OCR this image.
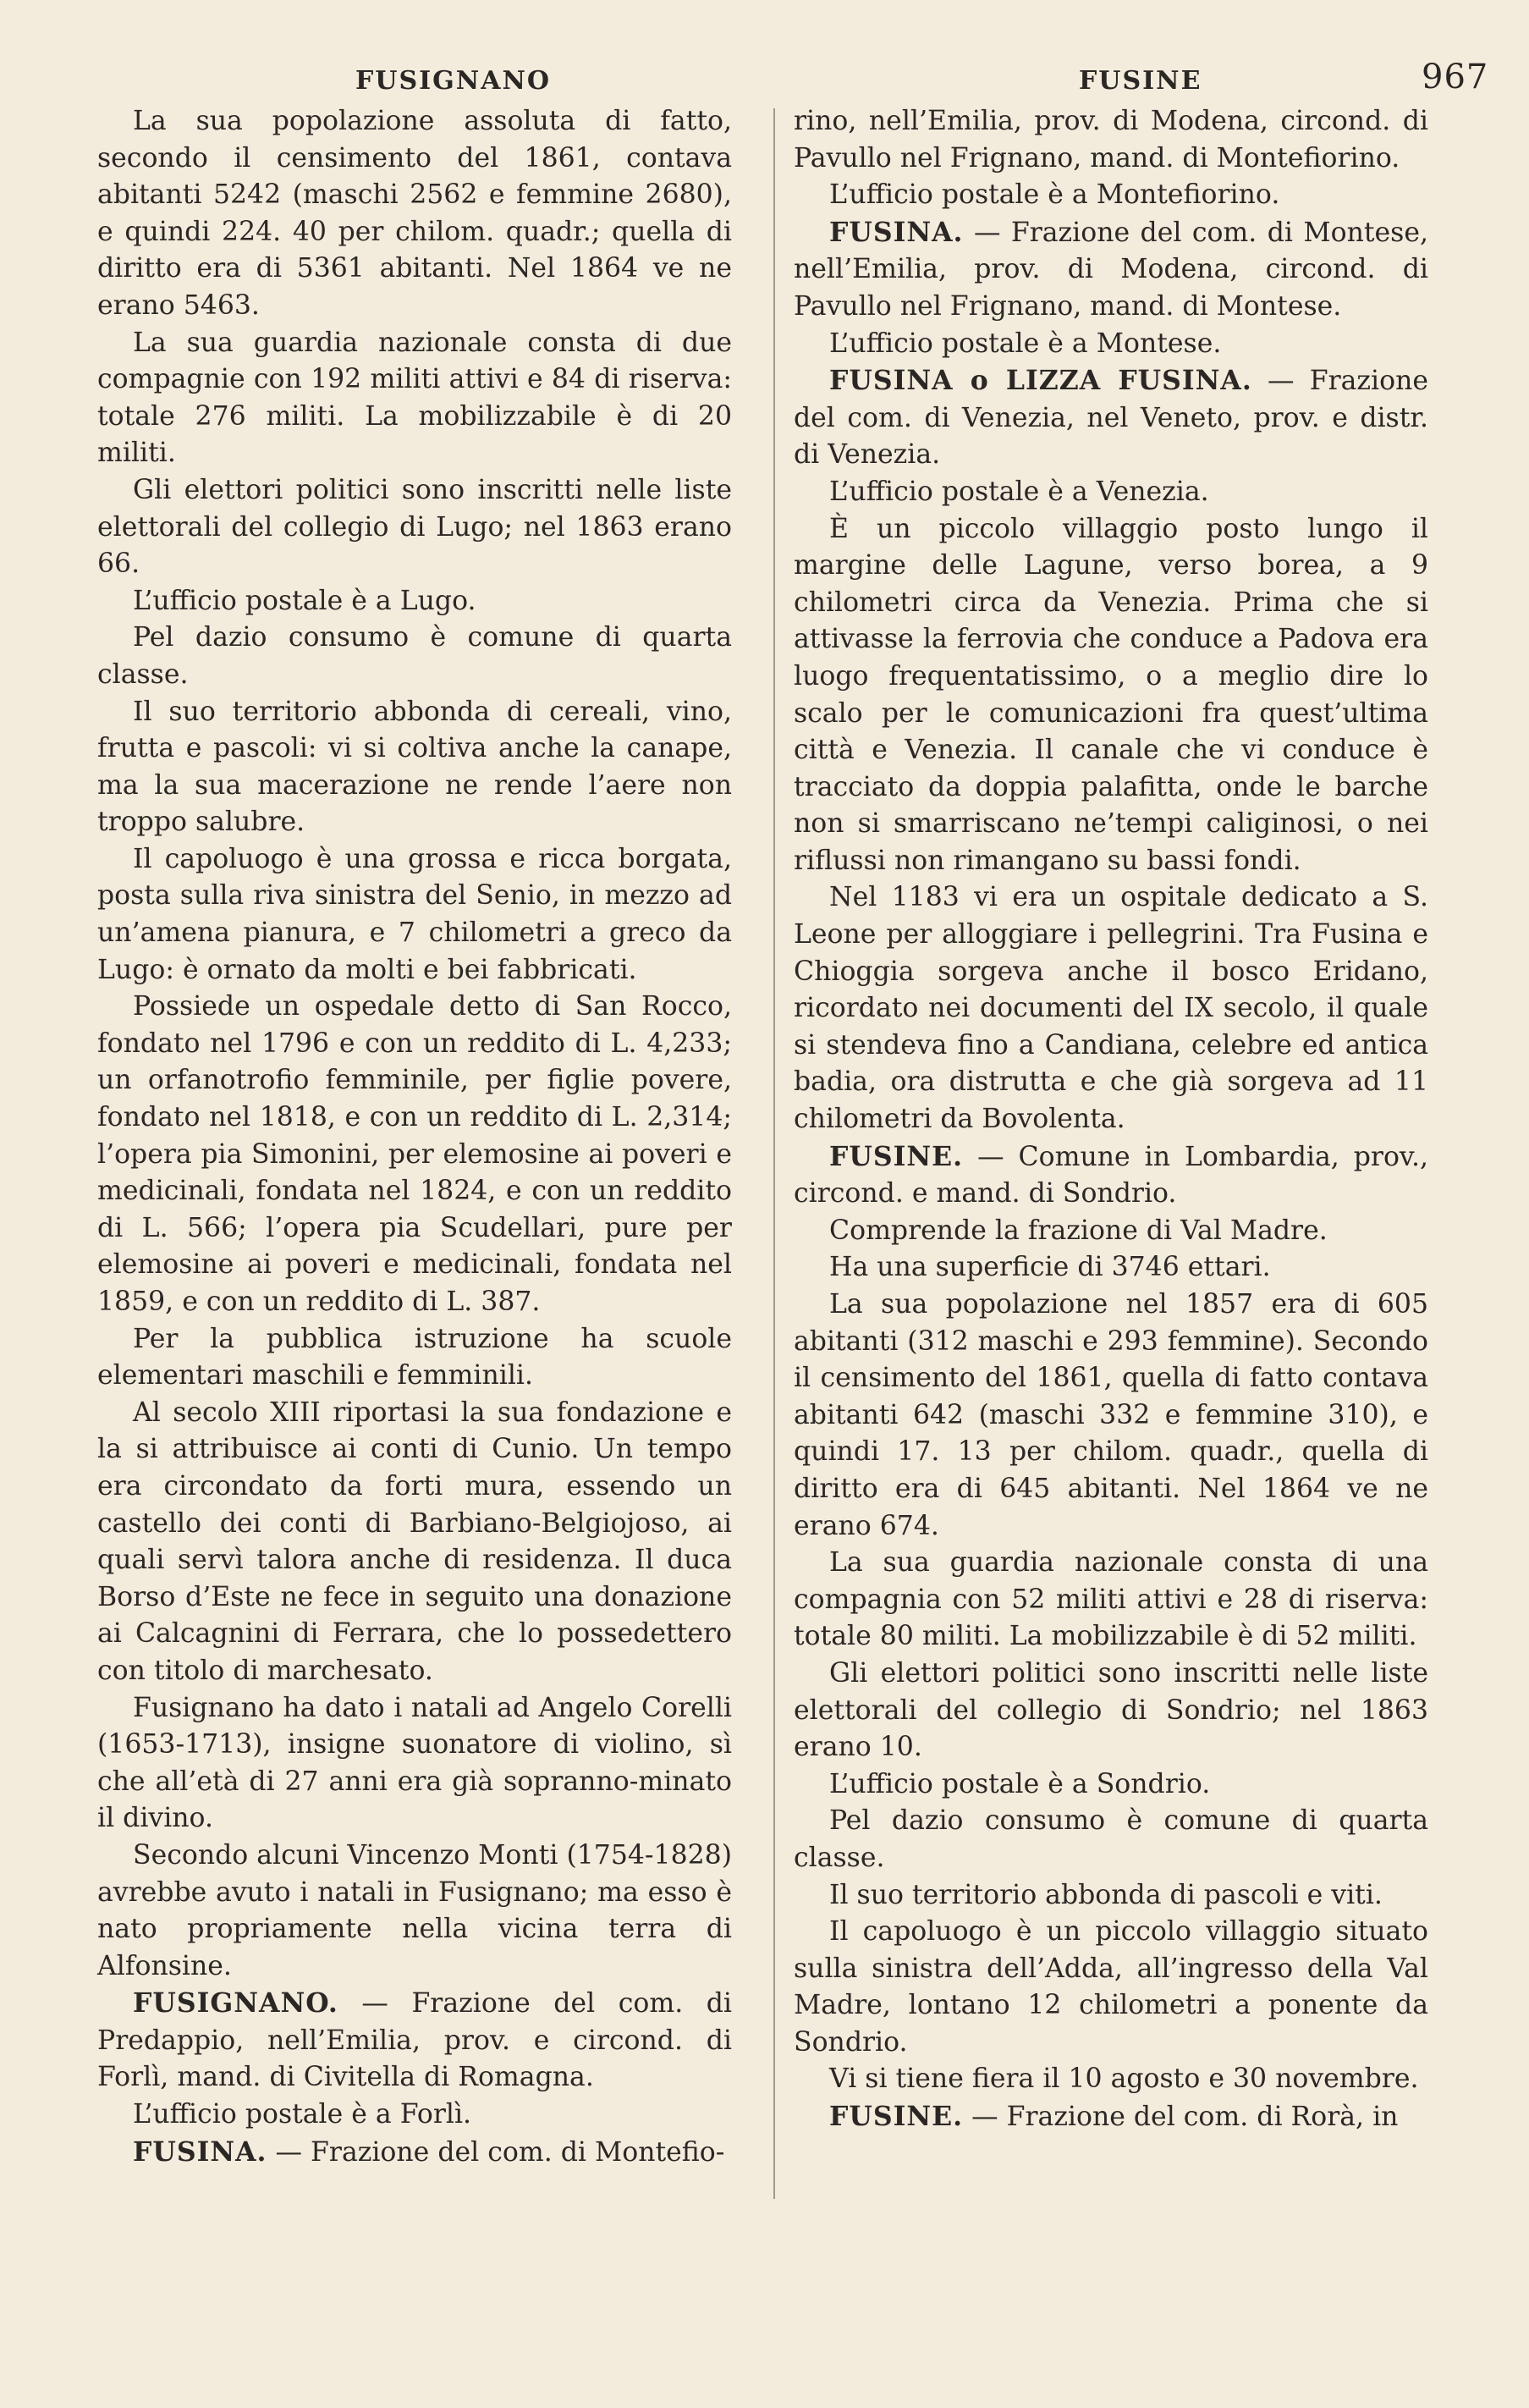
FUSIGNANO	FUSINE	967

La sua popolazione assoluta di fatto, secondo il censimento del 1861, contava abitanti 5242 (maschi 2562 e femmine 2680), e quindi 224. 40 per chilom. quadr.; quella di diritto era di 5361 abitanti. Nel 1864 ve ne erano 5463.

La sua guardia nazionale consta di due compagnie con 192 militi attivi e 84 di riserva: totale 276 militi. La mobilizzabile è di 20 militi.

Gli elettori politici sono inscritti nelle liste elettorali del collegio di Lugo; nel 1863 erano 66.

L’ufficio postale è a Lugo.

Pel dazio consumo è comune di quarta classe.

Il suo territorio abbonda di cereali, vino, frutta e pascoli: vi si coltiva anche la canape, ma la sua macerazione ne rende l’aere non troppo salubre.

Il capoluogo è una grossa e ricca borgata, posta sulla riva sinistra del Senio, in mezzo ad un’amena pianura, e 7 chilometri a greco da Lugo: è ornato da molti e bei fabbricati.

Possiede un ospedale detto di San Rocco, fondato nel 1796 e con un reddito di L. 4,233; un orfanotrofio femminile, per figlie povere, fondato nel 1818, e con un reddito di L. 2,314; l’opera pia Simonini, per elemosine ai poveri e medicinali, fondata nel 1824, e con un reddito di L. 566; l’opera pia Scudellari, pure per elemosine ai poveri e medicinali, fondata nel 1859, e con un reddito di L. 387.

Per la pubblica istruzione ha scuole elementari maschili e femminili.

Al secolo XIII riportasi la sua fondazione e la si attribuisce ai conti di Cunio. Un tempo era circondato da forti mura, essendo un castello dei conti di Barbiano-Belgiojoso, ai quali servì talora anche di residenza. Il duca Borso d’Este ne fece in seguito una donazione ai Calcagnini di Ferrara, che lo possedettero con titolo di marchesato.

Fusignano ha dato i natali ad Angelo Corelli (1653-1713), insigne suonatore di violino, sì che all’età di 27 anni era già sopranno-minato il divino.

Secondo alcuni Vincenzo Monti (1754-1828) avrebbe avuto i natali in Fusignano; ma esso è nato propriamente nella vicina terra di Alfonsine.

FUSIGNANO. — Frazione del com. di Predappio, nell’Emilia, prov. e circond. di Forlì, mand. di Civitella di Romagna.

L’ufficio postale è a Forlì.

FUSINA. — Frazione del com. di Montefio-

rino, nell’Emilia, prov. di Modena, circond. di Pavullo nel Frignano, mand. di Montefiorino.

L’ufficio postale è a Montefiorino.

FUSINA. — Frazione del com. di Montese, nell’Emilia, prov. di Modena, circond. di Pavullo nel Frignano, mand. di Montese.

L’ufficio postale è a Montese.

FUSINA o LIZZA FUSINA. — Frazione del com. di Venezia, nel Veneto, prov. e distr. di Venezia.

L’ufficio postale è a Venezia.

È un piccolo villaggio posto lungo il margine delle Lagune, verso borea, a 9 chilometri circa da Venezia. Prima che si attivasse la ferrovia che conduce a Padova era luogo frequentatissimo, o a meglio dire lo scalo per le comunicazioni fra quest’ultima città e Venezia. Il canale che vi conduce è tracciato da doppia palafitta, onde le barche non si smarriscano ne’tempi caliginosi, o nei riflussi non rimangano su bassi fondi.

Nel 1183 vi era un ospitale dedicato a S. Leone per alloggiare i pellegrini. Tra Fusina e Chioggia sorgeva anche il bosco Eridano, ricordato nei documenti del IX secolo, il quale si stendeva fino a Candiana, celebre ed antica badia, ora distrutta e che già sorgeva ad 11 chilometri da Bovolenta.

FUSINE. — Comune in Lombardia, prov., circond. e mand. di Sondrio.

Comprende la frazione di Val Madre.

Ha una superficie di 3746 ettari.

La sua popolazione nel 1857 era di 605 abitanti (312 maschi e 293 femmine). Secondo il censimento del 1861, quella di fatto contava abitanti 642 (maschi 332 e femmine 310), e quindi 17. 13 per chilom. quadr., quella di diritto era di 645 abitanti. Nel 1864 ve ne erano 674.

La sua guardia nazionale consta di una compagnia con 52 militi attivi e 28 di riserva: totale 80 militi. La mobilizzabile è di 52 militi.

Gli elettori politici sono inscritti nelle liste elettorali del collegio di Sondrio; nel 1863 erano 10.

L’ufficio postale è a Sondrio.

Pel dazio consumo è comune di quarta classe.

Il suo territorio abbonda di pascoli e viti.

Il capoluogo è un piccolo villaggio situato sulla sinistra dell’Adda, all’ingresso della Val Madre, lontano 12 chilometri a ponente da Sondrio.

Vi si tiene fiera il 10 agosto e 30 novembre.

FUSINE. — Frazione del com. di Rorà, in
